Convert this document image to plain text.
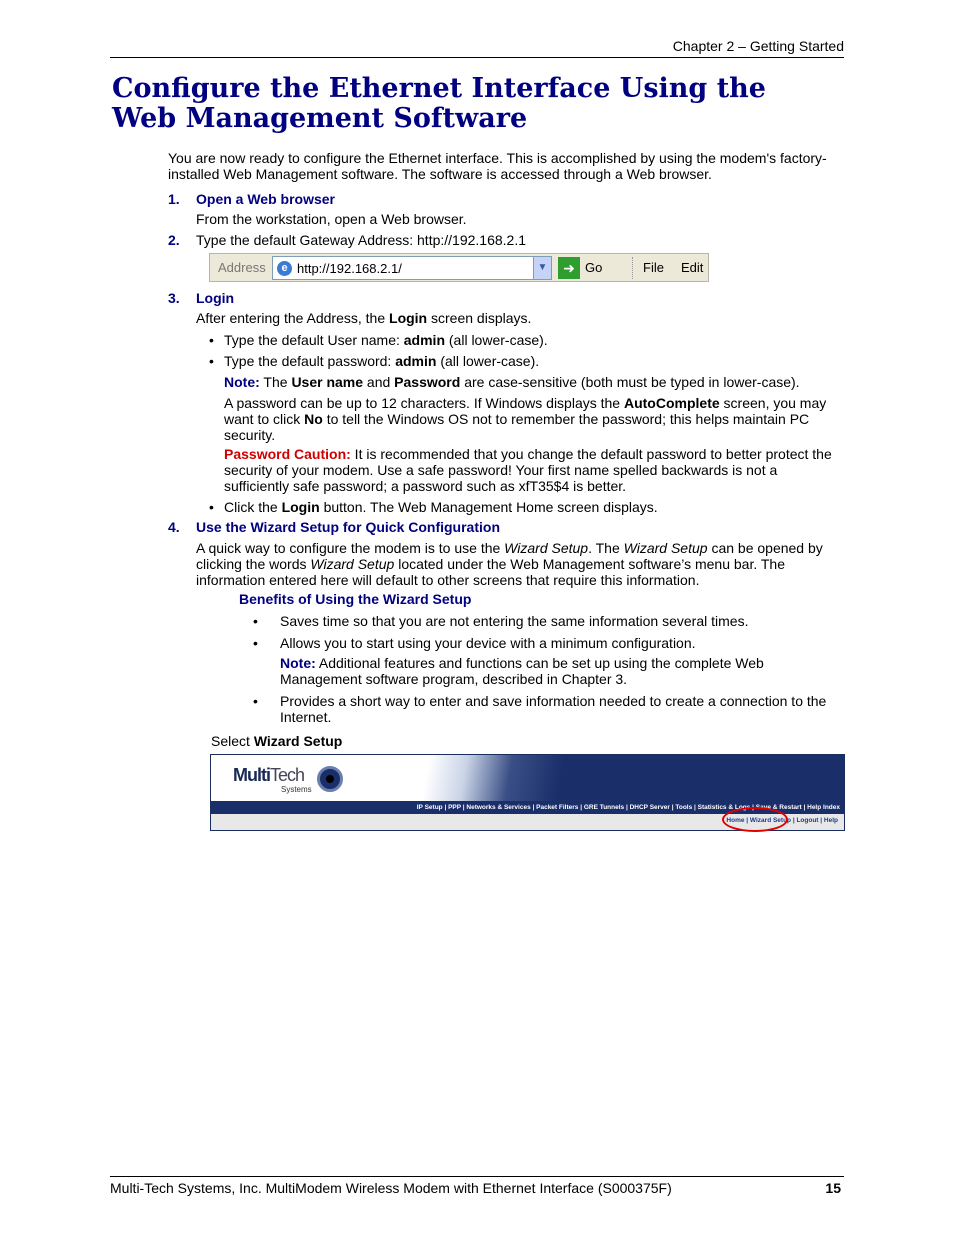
Chapter 2 – Getting Started
Configure the Ethernet Interface Using the
Web Management Software
You are now ready to configure the Ethernet interface. This is accomplished by using the modem's factory-
installed Web Management software. The software is accessed through a Web browser.
1. Open a Web browser
From the workstation, open a Web browser.
2. Type the default Gateway Address: http://192.168.2.1
Address	e http://192.168.2.1/	▼	➜ Go	File Edit
3. Login
After entering the Address, the Login screen displays.
• Type the default User name: admin (all lower-case).
• Type the default password: admin (all lower-case).
Note: The User name and Password are case-sensitive (both must be typed in lower-case).
A password can be up to 12 characters. If Windows displays the AutoComplete screen, you may
want to click No to tell the Windows OS not to remember the password; this helps maintain PC
security.
Password Caution: It is recommended that you change the default password to better protect the
security of your modem. Use a safe password! Your first name spelled backwards is not a
sufficiently safe password; a password such as xfT35$4 is better.
• Click the Login button. The Web Management Home screen displays.
4. Use the Wizard Setup for Quick Configuration
A quick way to configure the modem is to use the Wizard Setup. The Wizard Setup can be opened by
clicking the words Wizard Setup located under the Web Management software’s menu bar. The
information entered here will default to other screens that require this information.
Benefits of Using the Wizard Setup
• Saves time so that you are not entering the same information several times.
• Allows you to start using your device with a minimum configuration.
Note: Additional features and functions can be set up using the complete Web
Management software program, described in Chapter 3.
• Provides a short way to enter and save information needed to create a connection to the
Internet.
Select Wizard Setup
MultiTech
Systems
IP Setup | PPP | Networks & Services | Packet Filters | GRE Tunnels | DHCP Server | Tools | Statistics & Logs | Save & Restart | Help Index
Home | Wizard Setup | Logout | Help
Multi-Tech Systems, Inc. MultiModem Wireless Modem with Ethernet Interface (S000375F)	15
